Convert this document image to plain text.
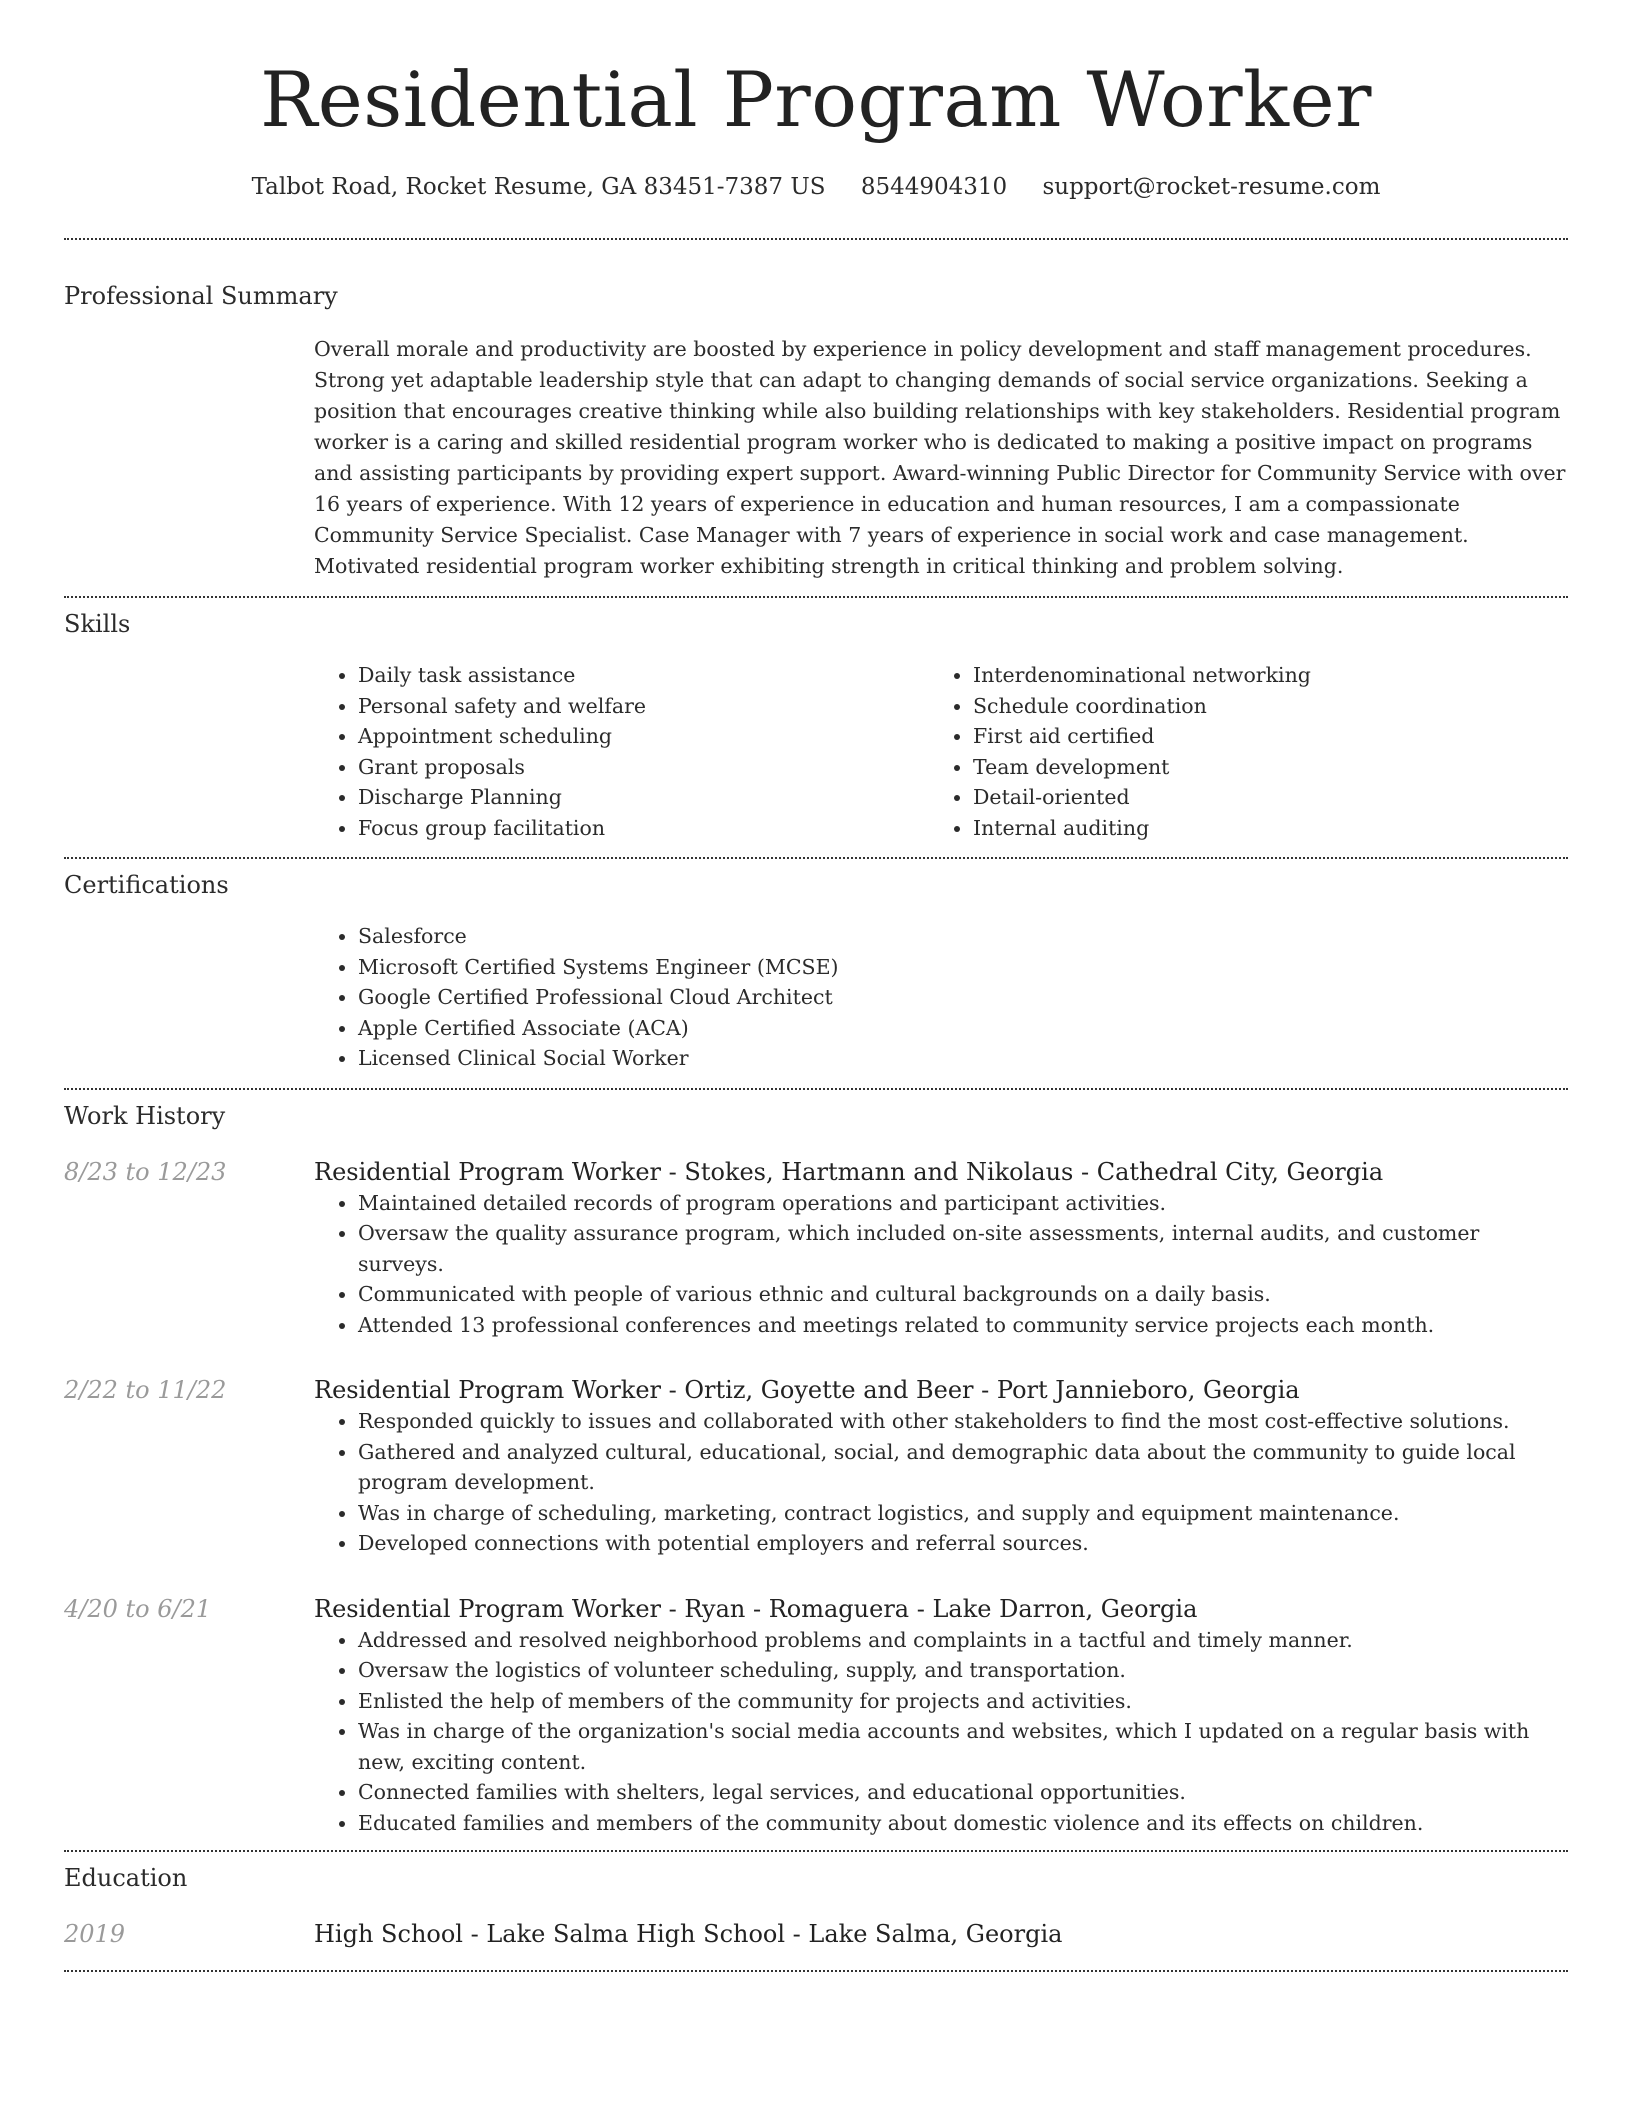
Residential Program Worker
Talbot Road, Rocket Resume, GA 83451-7387 US 8544904310 support@rocket-resume.com
Professional Summary
Overall morale and productivity are boosted by experience in policy development and staff management procedures. Strong yet adaptable leadership style that can adapt to changing demands of social service organizations. Seeking a position that encourages creative thinking while also building relationships with key stakeholders. Residential program worker is a caring and skilled residential program worker who is dedicated to making a positive impact on programs and assisting participants by providing expert support. Award-winning Public Director for Community Service with over 16 years of experience. With 12 years of experience in education and human resources, I am a compassionate Community Service Specialist. Case Manager with 7 years of experience in social work and case management. Motivated residential program worker exhibiting strength in critical thinking and problem solving.
Skills
• Daily task assistance
• Personal safety and welfare
• Appointment scheduling
• Grant proposals
• Discharge Planning
• Focus group facilitation
• Interdenominational networking
• Schedule coordination
• First aid certified
• Team development
• Detail-oriented
• Internal auditing
Certifications
• Salesforce
• Microsoft Certified Systems Engineer (MCSE)
• Google Certified Professional Cloud Architect
• Apple Certified Associate (ACA)
• Licensed Clinical Social Worker
Work History
8/23 to 12/23	Residential Program Worker - Stokes, Hartmann and Nikolaus - Cathedral City, Georgia
• Maintained detailed records of program operations and participant activities.
• Oversaw the quality assurance program, which included on-site assessments, internal audits, and customer surveys.
• Communicated with people of various ethnic and cultural backgrounds on a daily basis.
• Attended 13 professional conferences and meetings related to community service projects each month.
2/22 to 11/22	Residential Program Worker - Ortiz, Goyette and Beer - Port Jannieboro, Georgia
• Responded quickly to issues and collaborated with other stakeholders to find the most cost-effective solutions.
• Gathered and analyzed cultural, educational, social, and demographic data about the community to guide local program development.
• Was in charge of scheduling, marketing, contract logistics, and supply and equipment maintenance.
• Developed connections with potential employers and referral sources.
4/20 to 6/21	Residential Program Worker - Ryan - Romaguera - Lake Darron, Georgia
• Addressed and resolved neighborhood problems and complaints in a tactful and timely manner.
• Oversaw the logistics of volunteer scheduling, supply, and transportation.
• Enlisted the help of members of the community for projects and activities.
• Was in charge of the organization's social media accounts and websites, which I updated on a regular basis with new, exciting content.
• Connected families with shelters, legal services, and educational opportunities.
• Educated families and members of the community about domestic violence and its effects on children.
Education
2019	High School - Lake Salma High School - Lake Salma, Georgia
